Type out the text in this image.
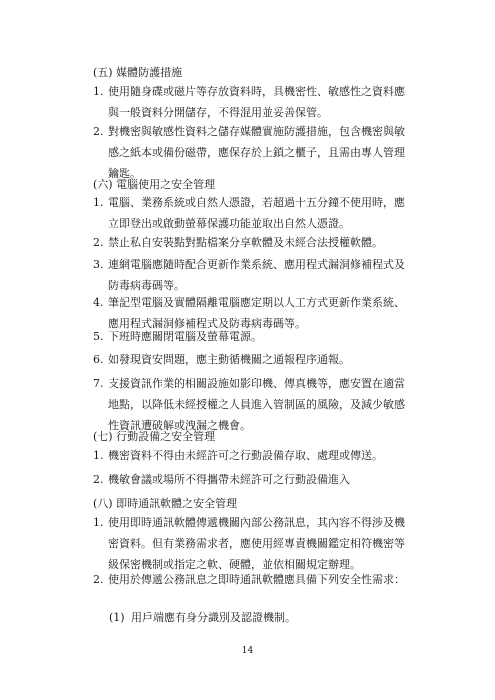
(五) 媒體防護措施
1. 使用隨身碟或磁片等存放資料時，具機密性、敏感性之資料應與一般資料分開儲存，不得混用並妥善保管。
2. 對機密與敏感性資料之儲存媒體實施防護措施，包含機密與敏感之紙本或備份磁帶，應保存於上鎖之櫃子，且需由專人管理鑰匙。
(六) 電腦使用之安全管理
1. 電腦、業務系統或自然人憑證，若超過十五分鐘不使用時，應立即登出或啟動螢幕保護功能並取出自然人憑證。
2. 禁止私自安裝點對點檔案分享軟體及未經合法授權軟體。
3. 連網電腦應隨時配合更新作業系統、應用程式漏洞修補程式及防毒病毒碼等。
4. 筆記型電腦及實體隔離電腦應定期以人工方式更新作業系統、應用程式漏洞修補程式及防毒病毒碼等。
5. 下班時應關閉電腦及螢幕電源。
6. 如發現資安問題，應主動循機關之通報程序通報。
7. 支援資訊作業的相關設施如影印機、傳真機等，應安置在適當地點，以降低未經授權之人員進入管制區的風險，及減少敏感性資訊遭破解或洩漏之機會。
(七) 行動設備之安全管理
1. 機密資料不得由未經許可之行動設備存取、處理或傳送。
2. 機敏會議或場所不得攜帶未經許可之行動設備進入
(八) 即時通訊軟體之安全管理
1. 使用即時通訊軟體傳遞機關內部公務訊息，其內容不得涉及機密資料。但有業務需求者，應使用經專責機關鑑定相符機密等級保密機制或指定之軟、硬體，並依相關規定辦理。
2. 使用於傳遞公務訊息之即時通訊軟體應具備下列安全性需求：
(1) 用戶端應有身分識別及認證機制。
14
